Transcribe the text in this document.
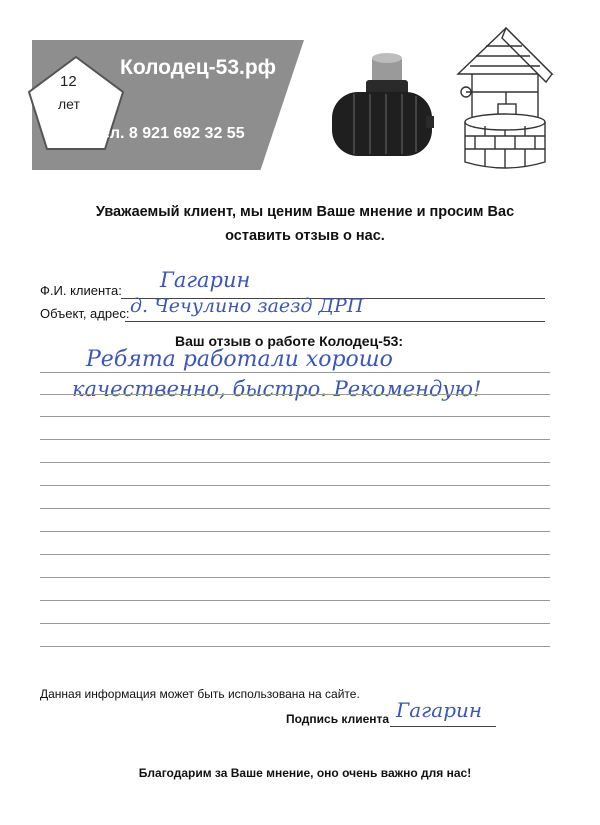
12
лет
Колодец-53.рф
Тел. 8 921 692 32 55
Уважаемый клиент, мы ценим Ваше мнение и просим Вас
оставить отзыв о нас.
Ф.И. клиента: Гагарин
Объект, адрес: д. Чечулино заезд ДРП
Ваш отзыв о работе Колодец-53:
Ребята работали хорошо
качественно, быстро. Рекомендую!
Данная информация может быть использована на сайте.
Подпись клиента Гагарин
Благодарим за Ваше мнение, оно очень важно для нас!
